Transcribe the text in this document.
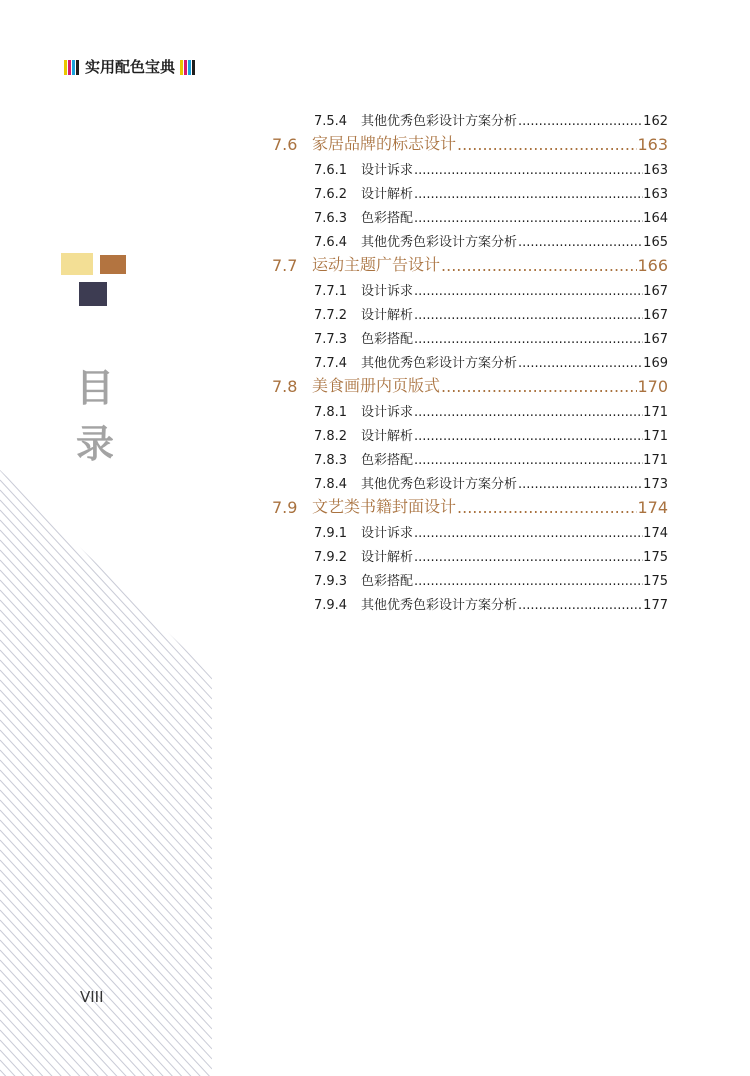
实用配色宝典
目
录
VIII
7.5.4	其他优秀色彩设计方案分析 .....	162
7.6 家居品牌的标志设计 .....	163
7.6.1	设计诉求 .....	163
7.6.2	设计解析 .....	163
7.6.3	色彩搭配 .....	164
7.6.4	其他优秀色彩设计方案分析 .....	165
7.7 运动主题广告设计 .....	166
7.7.1	设计诉求 .....	167
7.7.2	设计解析 .....	167
7.7.3	色彩搭配 .....	167
7.7.4	其他优秀色彩设计方案分析 .....	169
7.8 美食画册内页版式 .....	170
7.8.1	设计诉求 .....	171
7.8.2	设计解析 .....	171
7.8.3	色彩搭配 .....	171
7.8.4	其他优秀色彩设计方案分析 .....	173
7.9 文艺类书籍封面设计 .....	174
7.9.1	设计诉求 .....	174
7.9.2	设计解析 .....	175
7.9.3	色彩搭配 .....	175
7.9.4	其他优秀色彩设计方案分析 .....	177
